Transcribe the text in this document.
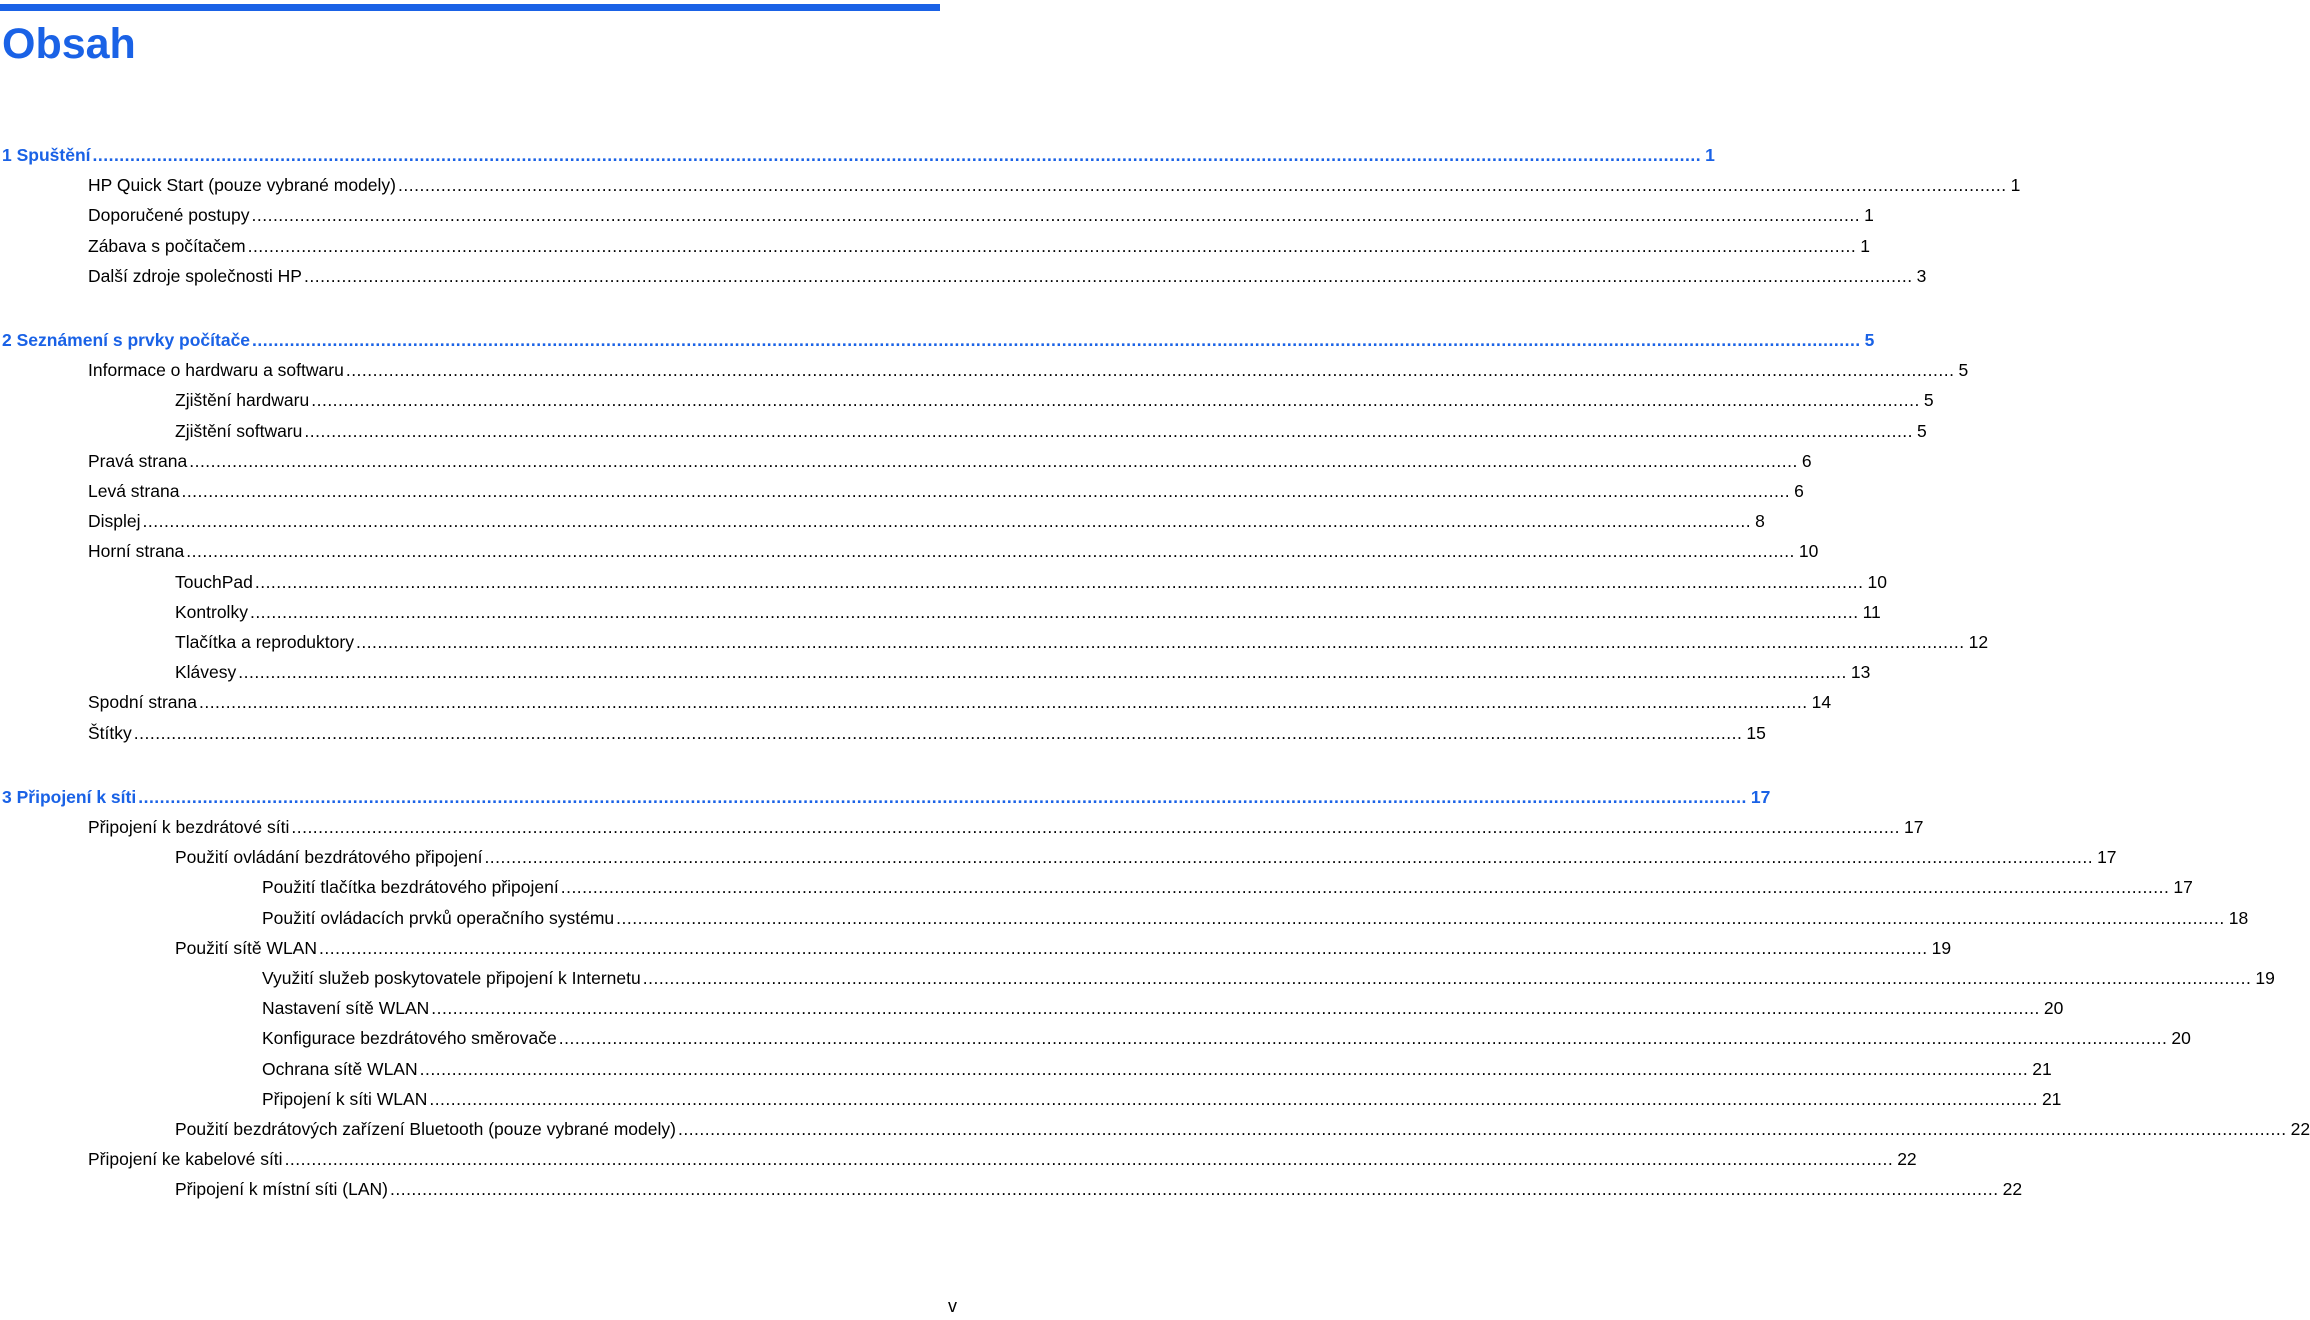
Obsah
1 Spuštění ............................................................................................................................................................................................................................................................................................................ 1
HP Quick Start (pouze vybrané modely) ............................................................................................................................................................................................................................................................................................................ 1
Doporučené postupy ............................................................................................................................................................................................................................................................................................................ 1
Zábava s počítačem ............................................................................................................................................................................................................................................................................................................ 1
Další zdroje společnosti HP ............................................................................................................................................................................................................................................................................................................ 3
2 Seznámení s prvky počítače ............................................................................................................................................................................................................................................................................................................ 5
Informace o hardwaru a softwaru ............................................................................................................................................................................................................................................................................................................ 5
Zjištění hardwaru ............................................................................................................................................................................................................................................................................................................ 5
Zjištění softwaru ............................................................................................................................................................................................................................................................................................................ 5
Pravá strana ............................................................................................................................................................................................................................................................................................................ 6
Levá strana ............................................................................................................................................................................................................................................................................................................ 6
Displej ............................................................................................................................................................................................................................................................................................................ 8
Horní strana ............................................................................................................................................................................................................................................................................................................ 10
TouchPad ............................................................................................................................................................................................................................................................................................................ 10
Kontrolky ............................................................................................................................................................................................................................................................................................................ 11
Tlačítka a reproduktory ............................................................................................................................................................................................................................................................................................................ 12
Klávesy ............................................................................................................................................................................................................................................................................................................ 13
Spodní strana ............................................................................................................................................................................................................................................................................................................ 14
Štítky ............................................................................................................................................................................................................................................................................................................ 15
3 Připojení k síti ............................................................................................................................................................................................................................................................................................................ 17
Připojení k bezdrátové síti ............................................................................................................................................................................................................................................................................................................ 17
Použití ovládání bezdrátového připojení ............................................................................................................................................................................................................................................................................................................ 17
Použití tlačítka bezdrátového připojení ............................................................................................................................................................................................................................................................................................................ 17
Použití ovládacích prvků operačního systému ............................................................................................................................................................................................................................................................................................................ 18
Použití sítě WLAN ............................................................................................................................................................................................................................................................................................................ 19
Využití služeb poskytovatele připojení k Internetu ............................................................................................................................................................................................................................................................................................................ 19
Nastavení sítě WLAN ............................................................................................................................................................................................................................................................................................................ 20
Konfigurace bezdrátového směrovače ............................................................................................................................................................................................................................................................................................................ 20
Ochrana sítě WLAN ............................................................................................................................................................................................................................................................................................................ 21
Připojení k síti WLAN ............................................................................................................................................................................................................................................................................................................ 21
Použití bezdrátových zařízení Bluetooth (pouze vybrané modely) ............................................................................................................................................................................................................................................................................................................ 22
Připojení ke kabelové síti ............................................................................................................................................................................................................................................................................................................ 22
Připojení k místní síti (LAN) ............................................................................................................................................................................................................................................................................................................ 22
v
